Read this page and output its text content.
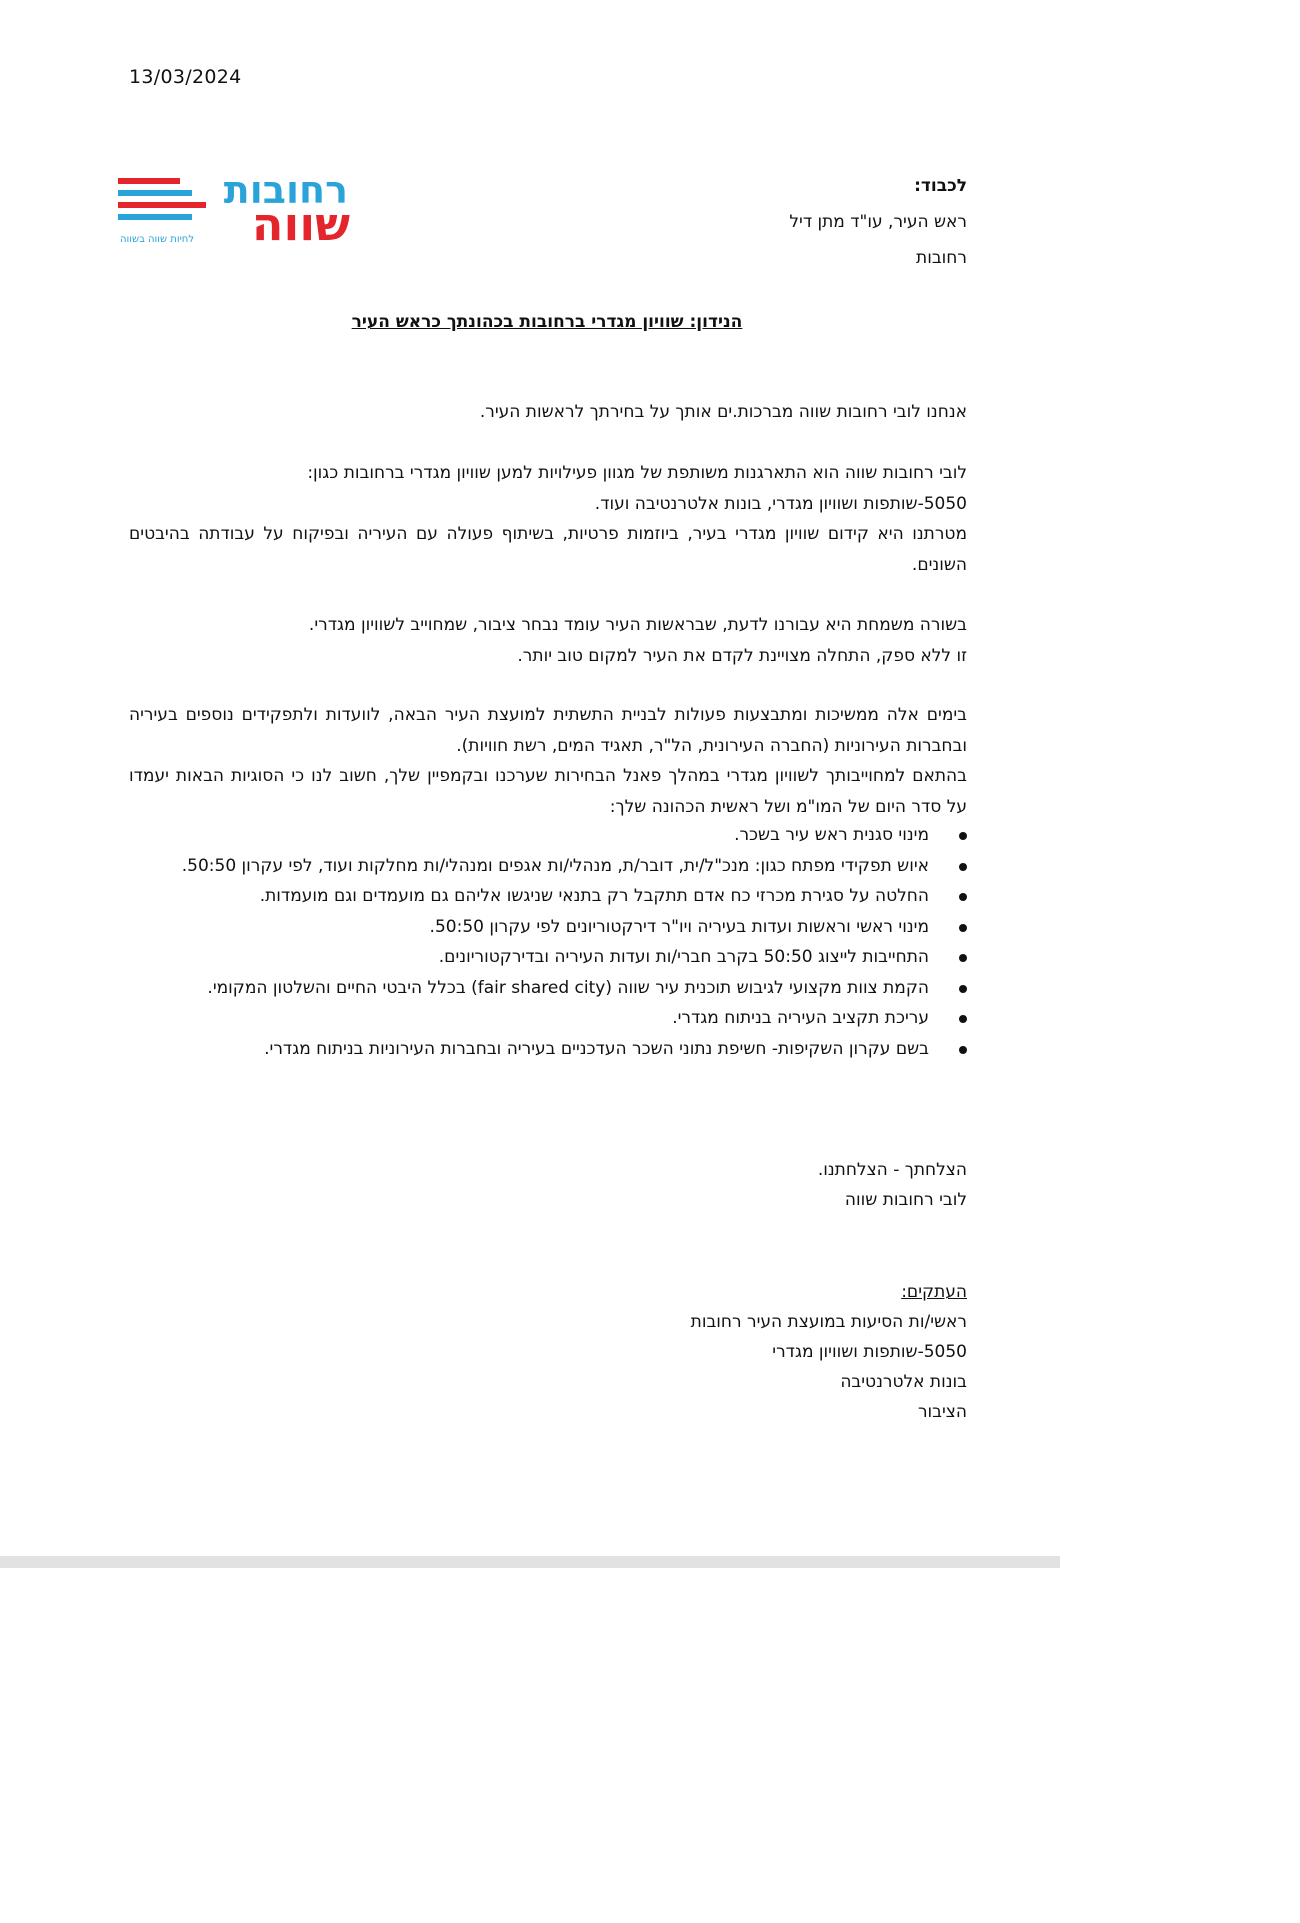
13/03/2024
רחובות
שווה
לחיות שווה בשווה
לכבוד:
ראש העיר, עו"ד מתן דיל
רחובות
הנידון: שוויון מגדרי ברחובות בכהונתך כראש העיר

אנחנו לובי רחובות שווה מברכות.ים אותך על בחירתך לראשות העיר.

לובי רחובות שווה הוא התארגנות משותפת של מגוון פעילויות למען שוויון מגדרי ברחובות כגון:

5050-שותפות ושוויון מגדרי, בונות אלטרנטיבה ועוד.

מטרתנו היא קידום שוויון מגדרי בעיר, ביוזמות פרטיות, בשיתוף פעולה עם העיריה ובפיקוח על עבודתה בהיבטים השונים.

בשורה משמחת היא עבורנו לדעת, שבראשות העיר עומד נבחר ציבור, שמחוייב לשוויון מגדרי.

זו ללא ספק, התחלה מצויינת לקדם את העיר למקום טוב יותר.

בימים אלה ממשיכות ומתבצעות פעולות לבניית התשתית למועצת העיר הבאה, לוועדות ולתפקידים נוספים בעיריה ובחברות העירוניות (החברה העירונית, הל"ר, תאגיד המים, רשת חוויות).

בהתאם למחוייבותך לשוויון מגדרי במהלך פאנל הבחירות שערכנו ובקמפיין שלך, חשוב לנו כי הסוגיות הבאות יעמדו על סדר היום של המו"מ ושל ראשית הכהונה שלך:

מינוי סגנית ראש עיר בשכר.
איוש תפקידי מפתח כגון: מנכ"ל/ית, דובר/ת, מנהלי/ות אגפים ומנהלי/ות מחלקות ועוד, לפי עקרון 50:50.
החלטה על סגירת מכרזי כח אדם תתקבל רק בתנאי שניגשו אליהם גם מועמדים וגם מועמדות.
מינוי ראשי וראשות ועדות בעיריה ויו"ר דירקטוריונים לפי עקרון 50:50.
התחייבות לייצוג 50:50 בקרב חברי/ות ועדות העיריה ובדירקטוריונים.
הקמת צוות מקצועי לגיבוש תוכנית עיר שווה (fair shared city) בכלל היבטי החיים והשלטון המקומי.
עריכת תקציב העיריה בניתוח מגדרי.
בשם עקרון השקיפות- חשיפת נתוני השכר העדכניים בעיריה ובחברות העירוניות בניתוח מגדרי.
הצלחתך - הצלחתנו.
לובי רחובות שווה
העתקים:
ראשי/ות הסיעות במועצת העיר רחובות
5050-שותפות ושוויון מגדרי
בונות אלטרנטיבה
הציבור
